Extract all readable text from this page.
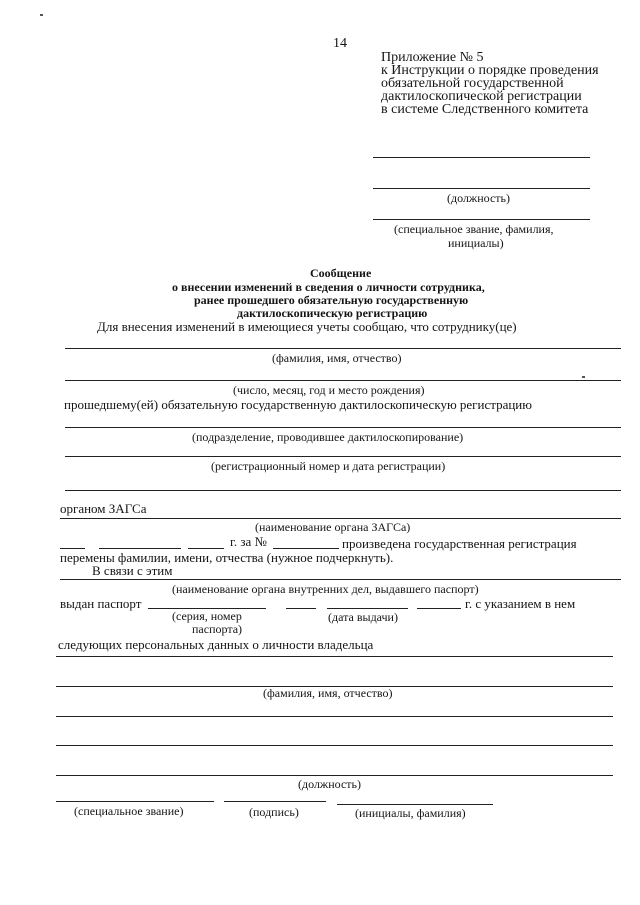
14
Приложение № 5
к Инструкции о порядке проведения
обязательной государственной
дактилоскопической регистрации
в системе Следственного комитета
(должность)
(специальное звание, фамилия,
инициалы)
Сообщение
о внесении изменений в сведения о личности сотрудника,
ранее прошедшего обязательную государственную
дактилоскопическую регистрацию
Для внесения изменений в имеющиеся учеты сообщаю, что сотруднику(це)
(фамилия, имя, отчество)
(число, месяц, год и место рождения)
прошедшему(ей) обязательную государственную дактилоскопическую регистрацию
(подразделение, проводившее дактилоскопирование)
(регистрационный номер и дата регистрации)
органом ЗАГСа
(наименование органа ЗАГСа)
г. за №	произведена государственная регистрация
перемены фамилии, имени, отчества (нужное подчеркнуть).
В связи с этим
(наименование органа внутренних дел, выдавшего паспорт)
выдан паспорт	г. с указанием в нем
(серия, номер
паспорта)
(дата выдачи)
следующих персональных данных о личности владельца
(фамилия, имя, отчество)
(должность)
(специальное звание)	(подпись)	(инициалы, фамилия)
